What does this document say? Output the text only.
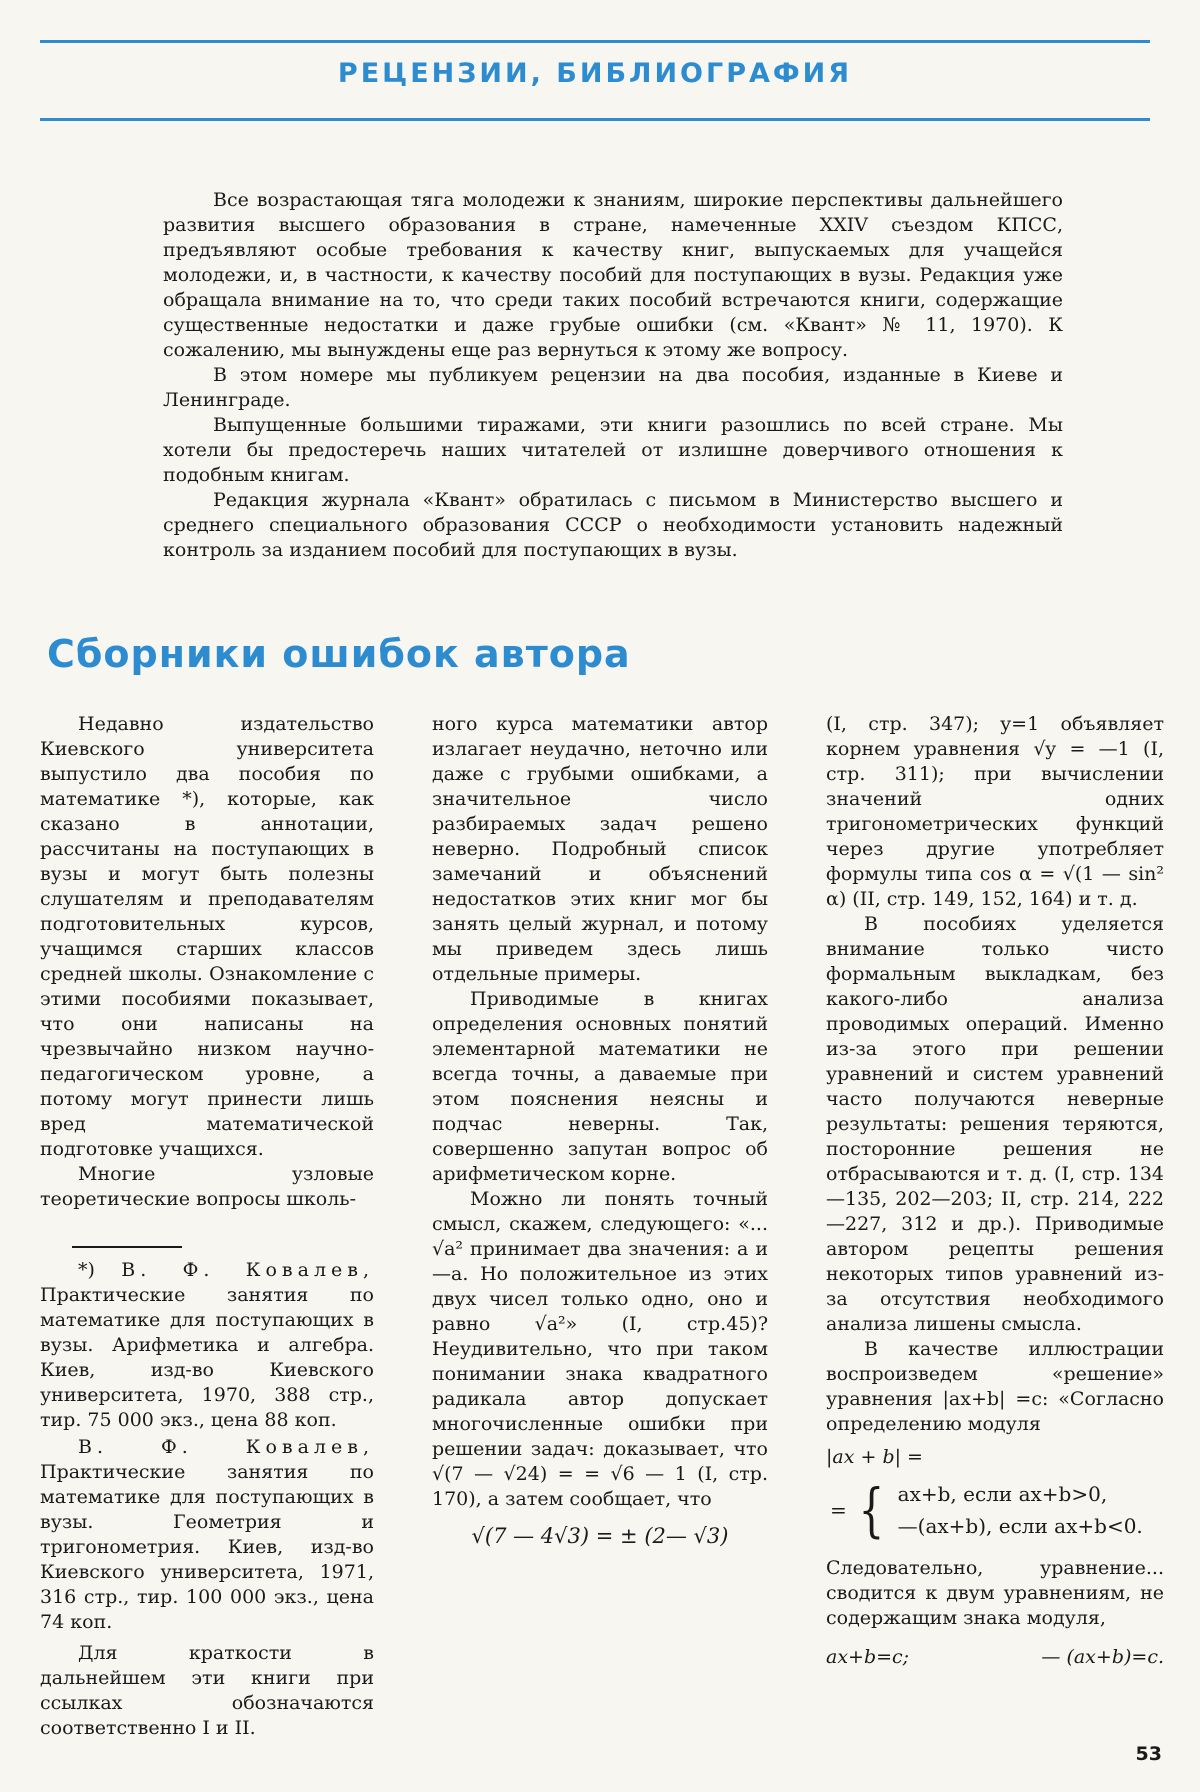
РЕЦЕНЗИИ, БИБЛИОГРАФИЯ

Все возрастающая тяга молодежи к знаниям, широкие перспективы дальнейшего развития высшего образования в стране, намеченные XXIV съездом КПСС, предъявляют особые требования к качеству книг, выпускаемых для учащейся молодежи, и, в частности, к качеству пособий для поступающих в вузы. Редакция уже обращала внимание на то, что среди таких пособий встречаются книги, содержащие существенные недостатки и даже грубые ошибки (см. «Квант» № 11, 1970). К сожалению, мы вынуждены еще раз вернуться к этому же вопросу.

В этом номере мы публикуем рецензии на два пособия, изданные в Киеве и Ленинграде.

Выпущенные большими тиражами, эти книги разошлись по всей стране. Мы хотели бы предостеречь наших читателей от излишне доверчивого отношения к подобным книгам.

Редакция журнала «Квант» обратилась с письмом в Министерство высшего и среднего специального образования СССР о необходимости установить надежный контроль за изданием пособий для поступающих в вузы.

Сборники ошибок автора

Недавно издательство Киевского университета выпустило два пособия по математике *), которые, как сказано в аннотации, рассчитаны на поступающих в вузы и могут быть полезны слушателям и преподавателям подготовительных курсов, учащимся старших классов средней школы. Ознакомление с этими пособиями показывает, что они написаны на чрезвычайно низком научно-педагогическом уровне, а потому могут принести лишь вред математической подготовке учащихся.

Многие узловые теоретические вопросы школь-

*) В. Ф. Ковалев, Практические занятия по математике для поступающих в вузы. Арифметика и алгебра. Киев, изд-во Киевского университета, 1970, 388 стр., тир. 75 000 экз., цена 88 коп.

В. Ф. Ковалев, Практические занятия по математике для поступающих в вузы. Геометрия и тригонометрия. Киев, изд-во Киевского университета, 1971, 316 стр., тир. 100 000 экз., цена 74 коп.

Для краткости в дальнейшем эти книги при ссылках обозначаются соответственно I и II.

ного курса математики автор излагает неудачно, неточно или даже с грубыми ошибками, а значительное число разбираемых задач решено неверно. Подробный список замечаний и объяснений недостатков этих книг мог бы занять целый журнал, и потому мы приведем здесь лишь отдельные примеры.

Приводимые в книгах определения основных понятий элементарной математики не всегда точны, а даваемые при этом пояснения неясны и подчас неверны. Так, совершенно запутан вопрос об арифметическом корне.

Можно ли понять точный смысл, скажем, следующего: «... √a² принимает два значения: a и —a. Но положительное из этих двух чисел только одно, оно и равно √a²» (I, стр.45)? Неудивительно, что при таком понимании знака квадратного радикала автор допускает многочисленные ошибки при решении задач: доказывает, что √(7 — √24) = = √6 — 1 (I, стр. 170), а затем сообщает, что

√(7 — 4√3) = ± (2— √3)

(I, стр. 347); y=1 объявляет корнем уравнения √y = —1 (I, стр. 311); при вычислении значений одних тригонометрических функций через другие употребляет формулы типа cos α = √(1 — sin² α) (II, стр. 149, 152, 164) и т. д.

В пособиях уделяется внимание только чисто формальным выкладкам, без какого-либо анализа проводимых операций. Именно из-за этого при решении уравнений и систем уравнений часто получаются неверные результаты: решения теряются, посторонние решения не отбрасываются и т. д. (I, стр. 134—135, 202—203; II, стр. 214, 222—227, 312 и др.). Приводимые автором рецепты решения некоторых типов уравнений из-за отсутствия необходимого анализа лишены смысла.

В качестве иллюстрации воспроизведем «решение» уравнения |ax+b| =c: «Согласно определению модуля

|ax + b| =
= { ax+b, если ax+b>0,
—(ax+b), если ax+b<0.

Следовательно, уравнение... сводится к двум уравнениям, не содержащим знака модуля,

ax+b=c;	— (ax+b)=c.
53
